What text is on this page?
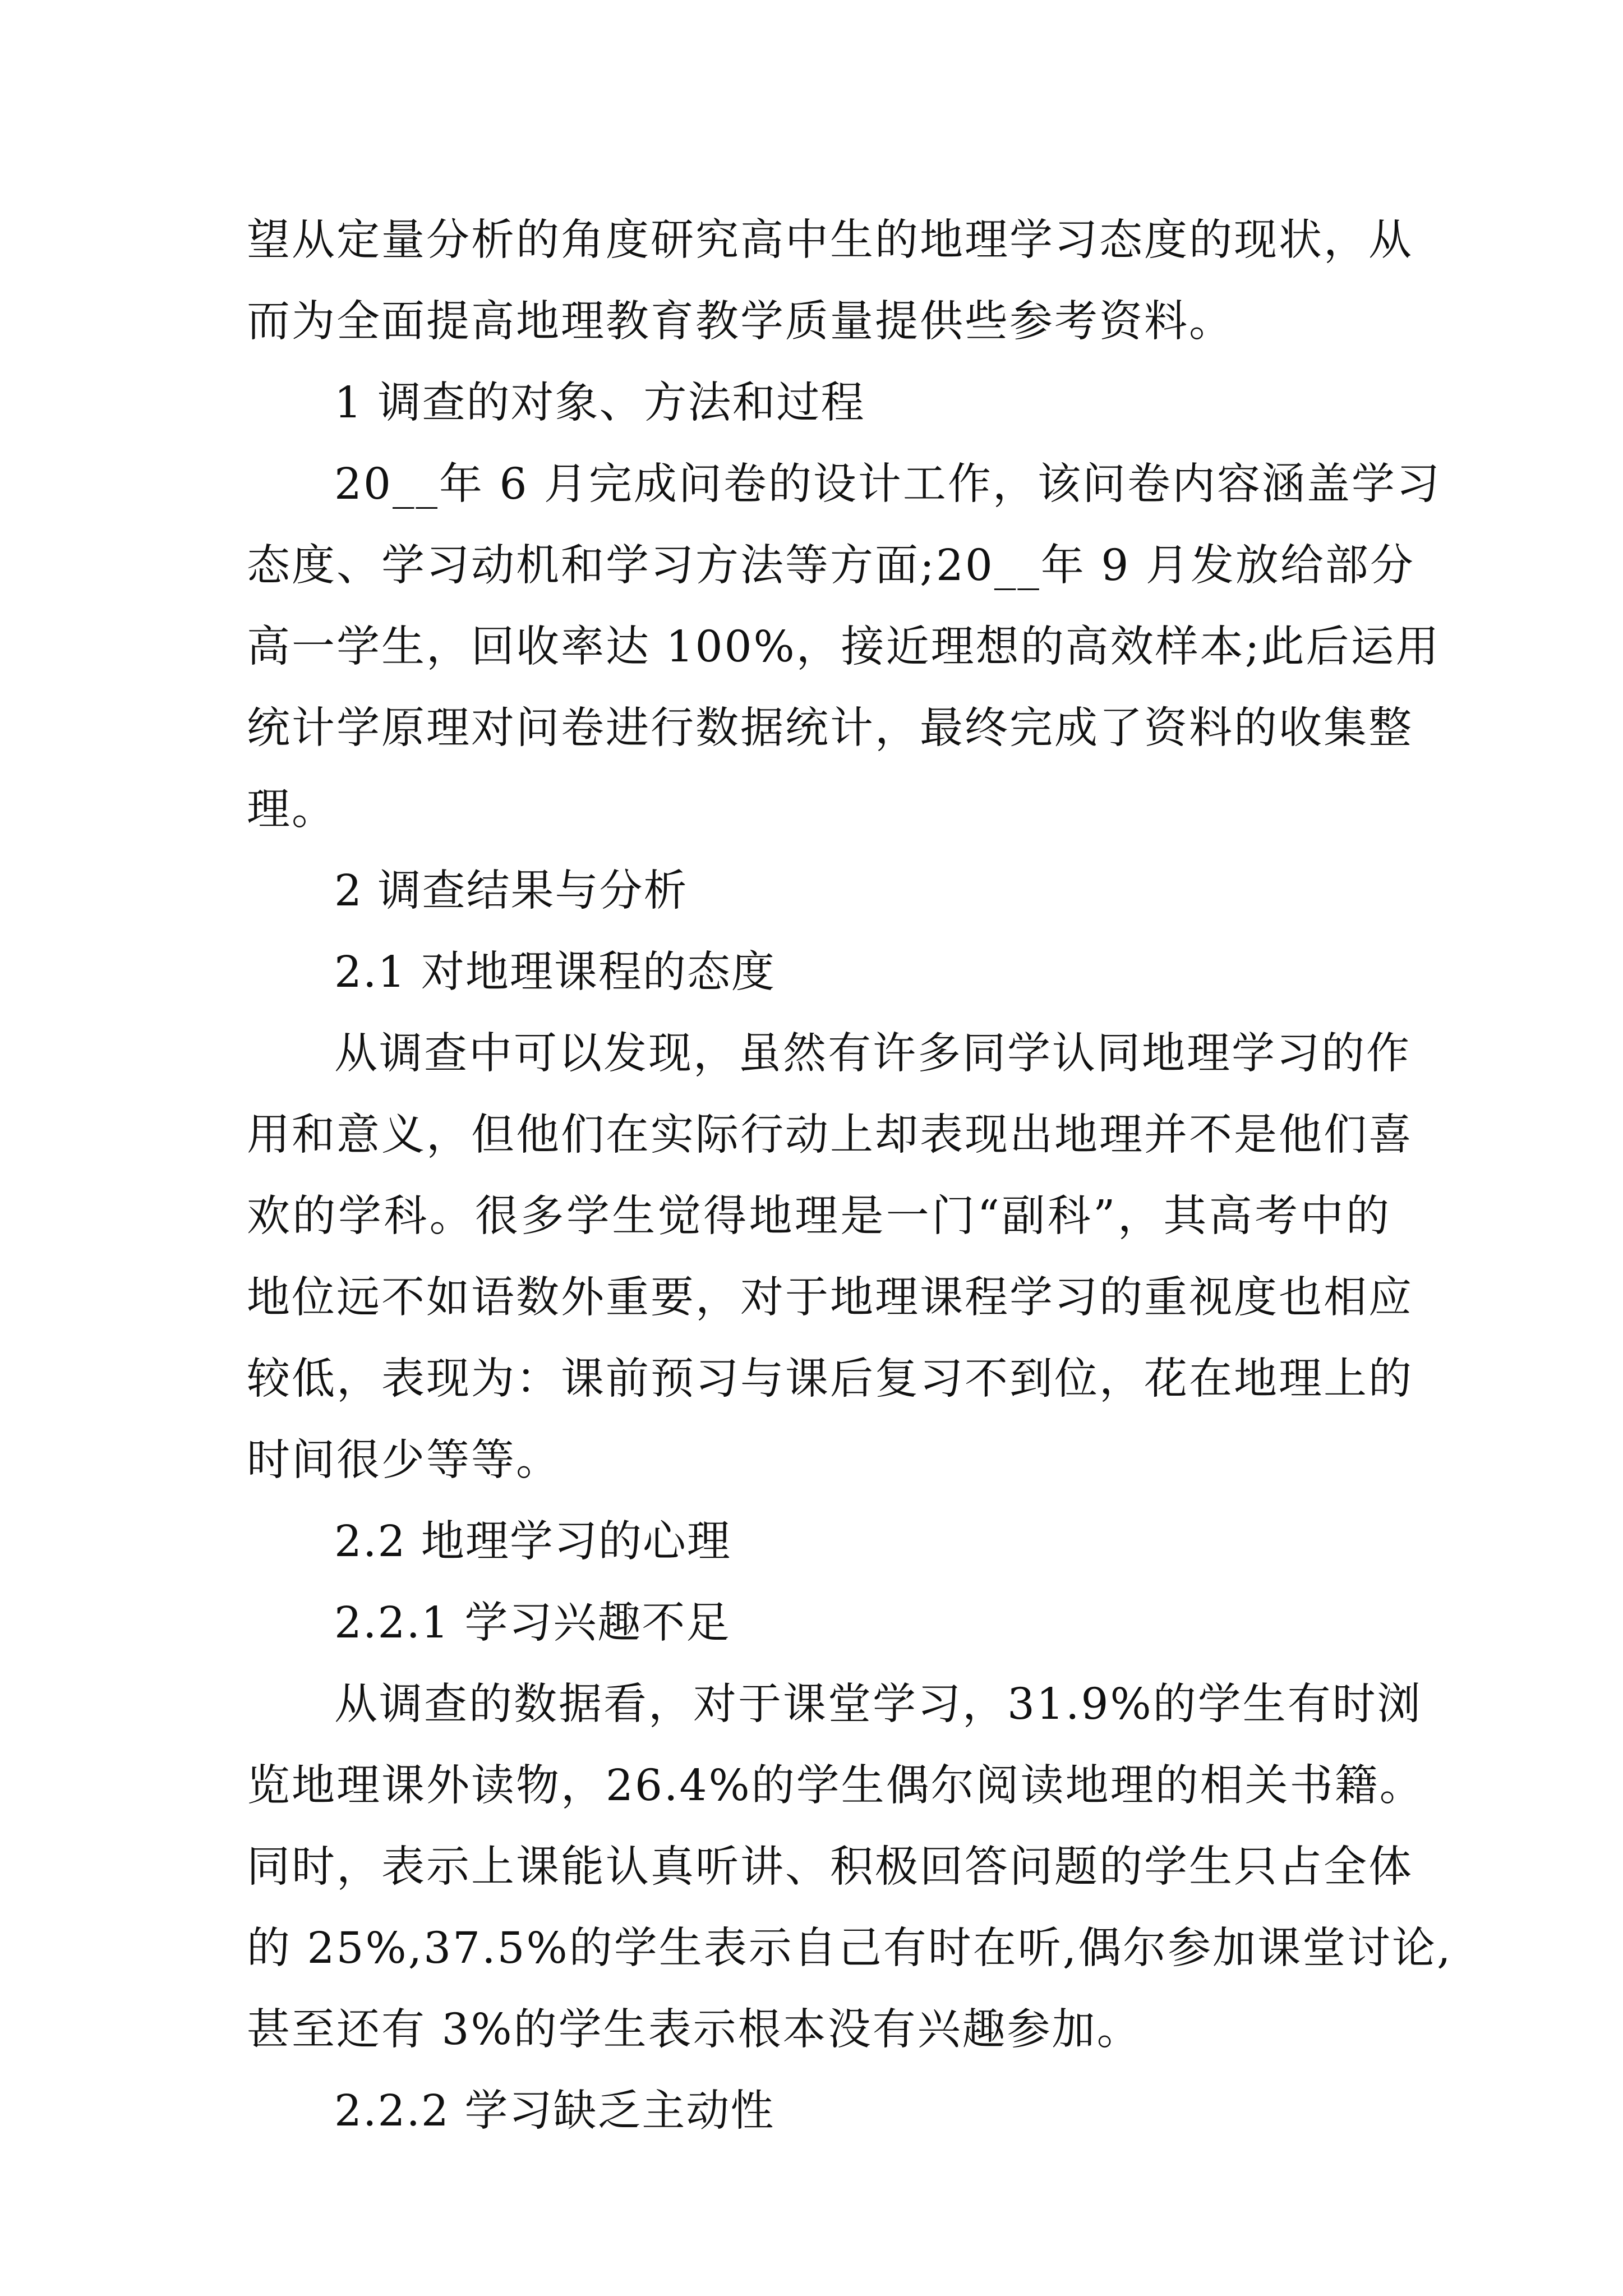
望从定量分析的角度研究高中生的地理学习态度的现状，从

而为全面提高地理教育教学质量提供些参考资料。

1 调查的对象、方法和过程

20__年 6 月完成问卷的设计工作，该问卷内容涵盖学习

态度、学习动机和学习方法等方面;20__年 9 月发放给部分

高一学生，回收率达 100%，接近理想的高效样本;此后运用

统计学原理对问卷进行数据统计，最终完成了资料的收集整

理。

2 调查结果与分析

2.1 对地理课程的态度

从调查中可以发现，虽然有许多同学认同地理学习的作

用和意义，但他们在实际行动上却表现出地理并不是他们喜

欢的学科。很多学生觉得地理是一门“副科”，其高考中的

地位远不如语数外重要，对于地理课程学习的重视度也相应

较低，表现为：课前预习与课后复习不到位，花在地理上的

时间很少等等。

2.2 地理学习的心理

2.2.1 学习兴趣不足

从调查的数据看，对于课堂学习，31.9%的学生有时浏

览地理课外读物，26.4%的学生偶尔阅读地理的相关书籍。

同时，表示上课能认真听讲、积极回答问题的学生只占全体

的 25%,37.5%的学生表示自己有时在听,偶尔参加课堂讨论,

甚至还有 3%的学生表示根本没有兴趣参加。

2.2.2 学习缺乏主动性
